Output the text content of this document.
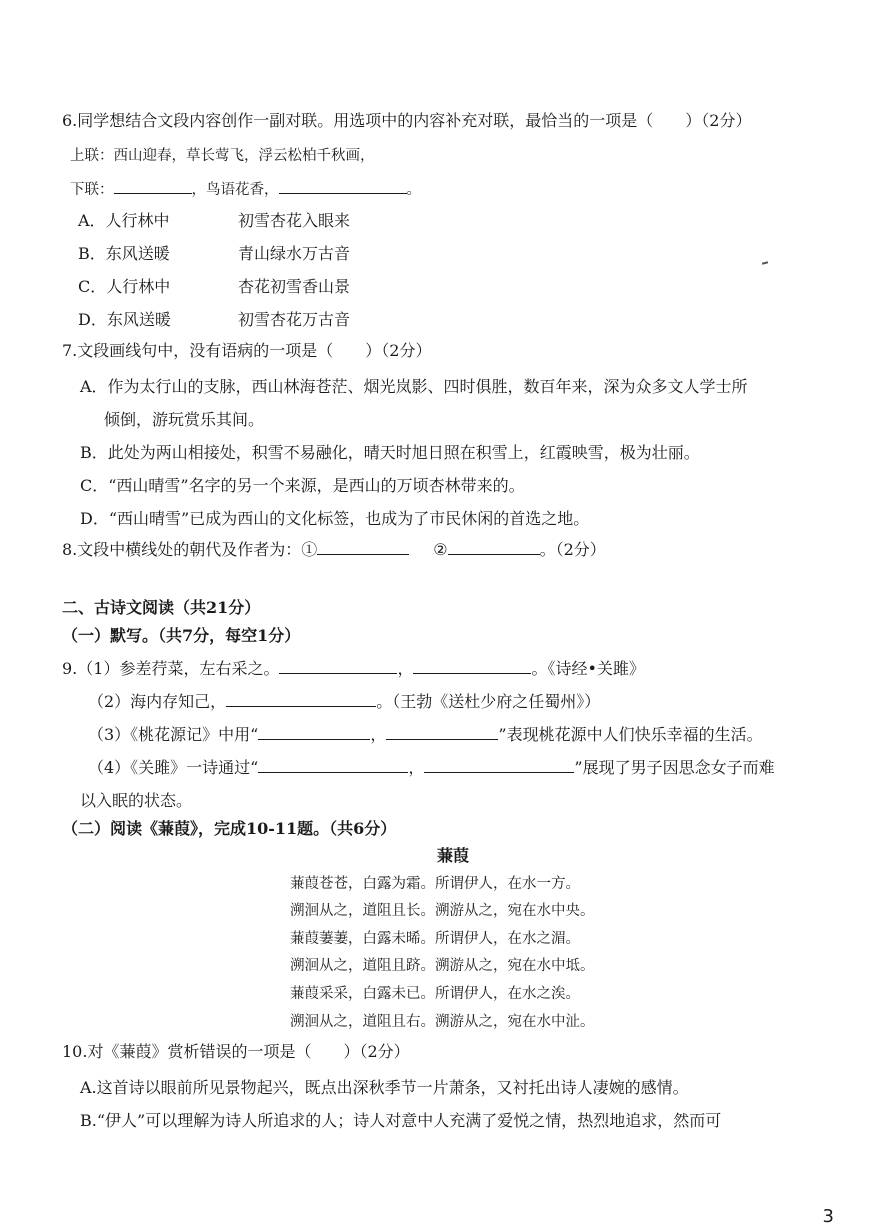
6.同学想结合文段内容创作一副对联。用选项中的内容补充对联，最恰当的一项是（　　）（2分）
上联：西山迎春，草长莺飞，浮云松柏千秋画，
下联：	，鸟语花香，	。
A．人行林中	初雪杏花入眼来
B．东风送暖	青山绿水万古音
C．人行林中	杏花初雪香山景
D．东风送暖	初雪杏花万古音
7.文段画线句中，没有语病的一项是（　　）（2分）
A．作为太行山的支脉，西山林海苍茫、烟光岚影、四时俱胜，数百年来，深为众多文人学士所
倾倒，游玩赏乐其间。
B．此处为两山相接处，积雪不易融化，晴天时旭日照在积雪上，红霞映雪，极为壮丽。
C．“西山晴雪”名字的另一个来源，是西山的万顷杏林带来的。
D．“西山晴雪”已成为西山的文化标签，也成为了市民休闲的首选之地。
8.文段中横线处的朝代及作者为：①	②	。（2分）
二、古诗文阅读（共21分）
（一）默写。（共7分，每空1分）
9.（1）参差荇菜，左右采之。	，	。《诗经•关雎》
（2）海内存知己，	。（王勃《送杜少府之任蜀州》）
（3）《桃花源记》中用“	，	”表现桃花源中人们快乐幸福的生活。
（4）《关雎》一诗通过“	，	”展现了男子因思念女子而难
以入眠的状态。
（二）阅读《蒹葭》，完成10-11题。（共6分）
蒹葭
蒹葭苍苍，白露为霜。所谓伊人，在水一方。
溯洄从之，道阻且长。溯游从之，宛在水中央。
蒹葭萋萋，白露未晞。所谓伊人，在水之湄。
溯洄从之，道阻且跻。溯游从之，宛在水中坻。
蒹葭采采，白露未已。所谓伊人，在水之涘。
溯洄从之，道阻且右。溯游从之，宛在水中沚。
10.对《蒹葭》赏析错误的一项是（　　）（2分）
A.这首诗以眼前所见景物起兴，既点出深秋季节一片萧条，又衬托出诗人凄婉的感情。
B.“伊人”可以理解为诗人所追求的人；诗人对意中人充满了爱悦之情，热烈地追求，然而可
3
